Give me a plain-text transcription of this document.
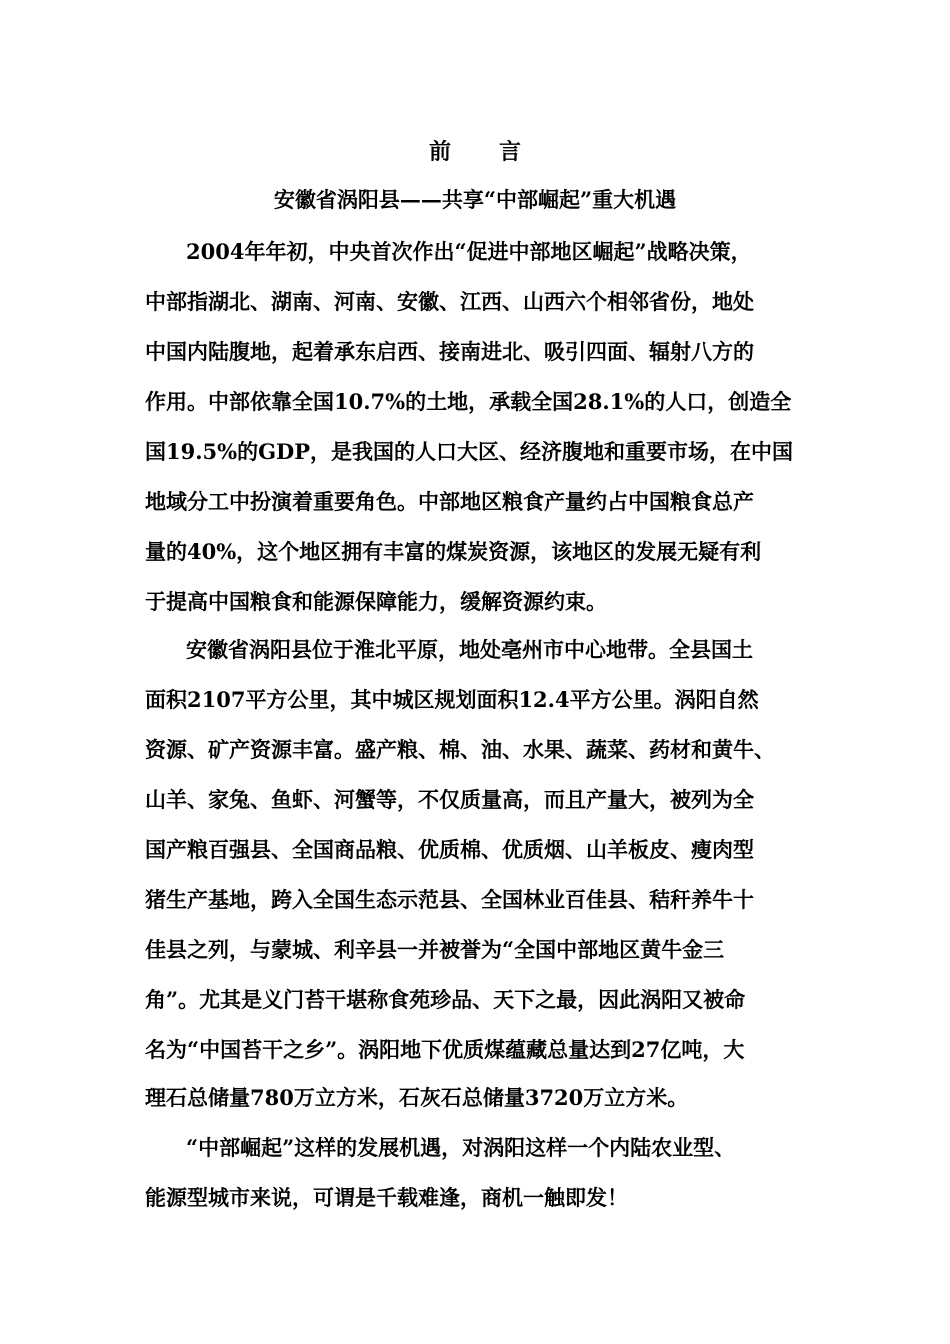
前言
安徽省涡阳县——共享“中部崛起”重大机遇
2004年年初，中央首次作出“促进中部地区崛起”战略决策，
中部指湖北、湖南、河南、安徽、江西、山西六个相邻省份，地处
中国内陆腹地，起着承东启西、接南进北、吸引四面、辐射八方的
作用。中部依靠全国10.7%的土地，承载全国28.1%的人口，创造全
国19.5%的GDP，是我国的人口大区、经济腹地和重要市场，在中国
地域分工中扮演着重要角色。中部地区粮食产量约占中国粮食总产
量的40%，这个地区拥有丰富的煤炭资源，该地区的发展无疑有利
于提高中国粮食和能源保障能力，缓解资源约束。
安徽省涡阳县位于淮北平原，地处亳州市中心地带。全县国土
面积2107平方公里，其中城区规划面积12.4平方公里。涡阳自然
资源、矿产资源丰富。盛产粮、棉、油、水果、蔬菜、药材和黄牛、
山羊、家兔、鱼虾、河蟹等，不仅质量高，而且产量大，被列为全
国产粮百强县、全国商品粮、优质棉、优质烟、山羊板皮、瘦肉型
猪生产基地，跨入全国生态示范县、全国林业百佳县、秸秆养牛十
佳县之列，与蒙城、利辛县一并被誉为“全国中部地区黄牛金三
角”。尤其是义门苔干堪称食苑珍品、天下之最，因此涡阳又被命
名为“中国苔干之乡”。涡阳地下优质煤蕴藏总量达到27亿吨，大
理石总储量780万立方米，石灰石总储量3720万立方米。
“中部崛起”这样的发展机遇，对涡阳这样一个内陆农业型、
能源型城市来说，可谓是千载难逢，商机一触即发！
